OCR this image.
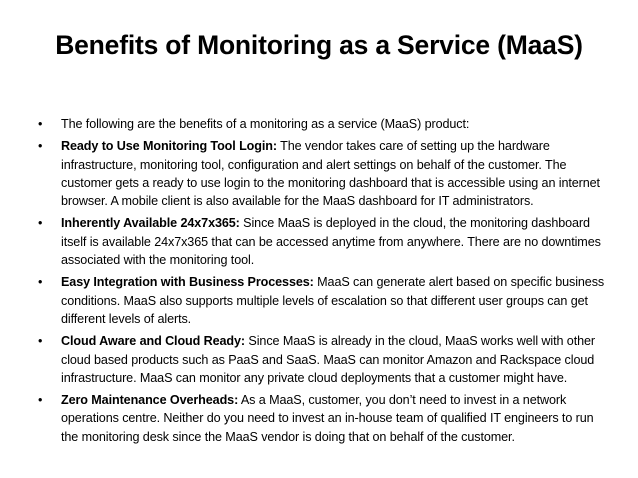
Benefits of Monitoring as a Service (MaaS)
• The following are the benefits of a monitoring as a service (MaaS) product:
• Ready to Use Monitoring Tool Login: The vendor takes care of setting up the hardware infrastructure, monitoring tool, configuration and alert settings on behalf of the customer. The customer gets a ready to use login to the monitoring dashboard that is accessible using an internet browser. A mobile client is also available for the MaaS dashboard for IT administrators.
• Inherently Available 24x7x365: Since MaaS is deployed in the cloud, the monitoring dashboard itself is available 24x7x365 that can be accessed anytime from anywhere. There are no downtimes associated with the monitoring tool.
• Easy Integration with Business Processes: MaaS can generate alert based on specific business conditions. MaaS also supports multiple levels of escalation so that different user groups can get different levels of alerts.
• Cloud Aware and Cloud Ready: Since MaaS is already in the cloud, MaaS works well with other cloud based products such as PaaS and SaaS. MaaS can monitor Amazon and Rackspace cloud infrastructure. MaaS can monitor any private cloud deployments that a customer might have.
• Zero Maintenance Overheads: As a MaaS, customer, you don’t need to invest in a network operations centre. Neither do you need to invest an in-house team of qualified IT engineers to run the monitoring desk since the MaaS vendor is doing that on behalf of the customer.
